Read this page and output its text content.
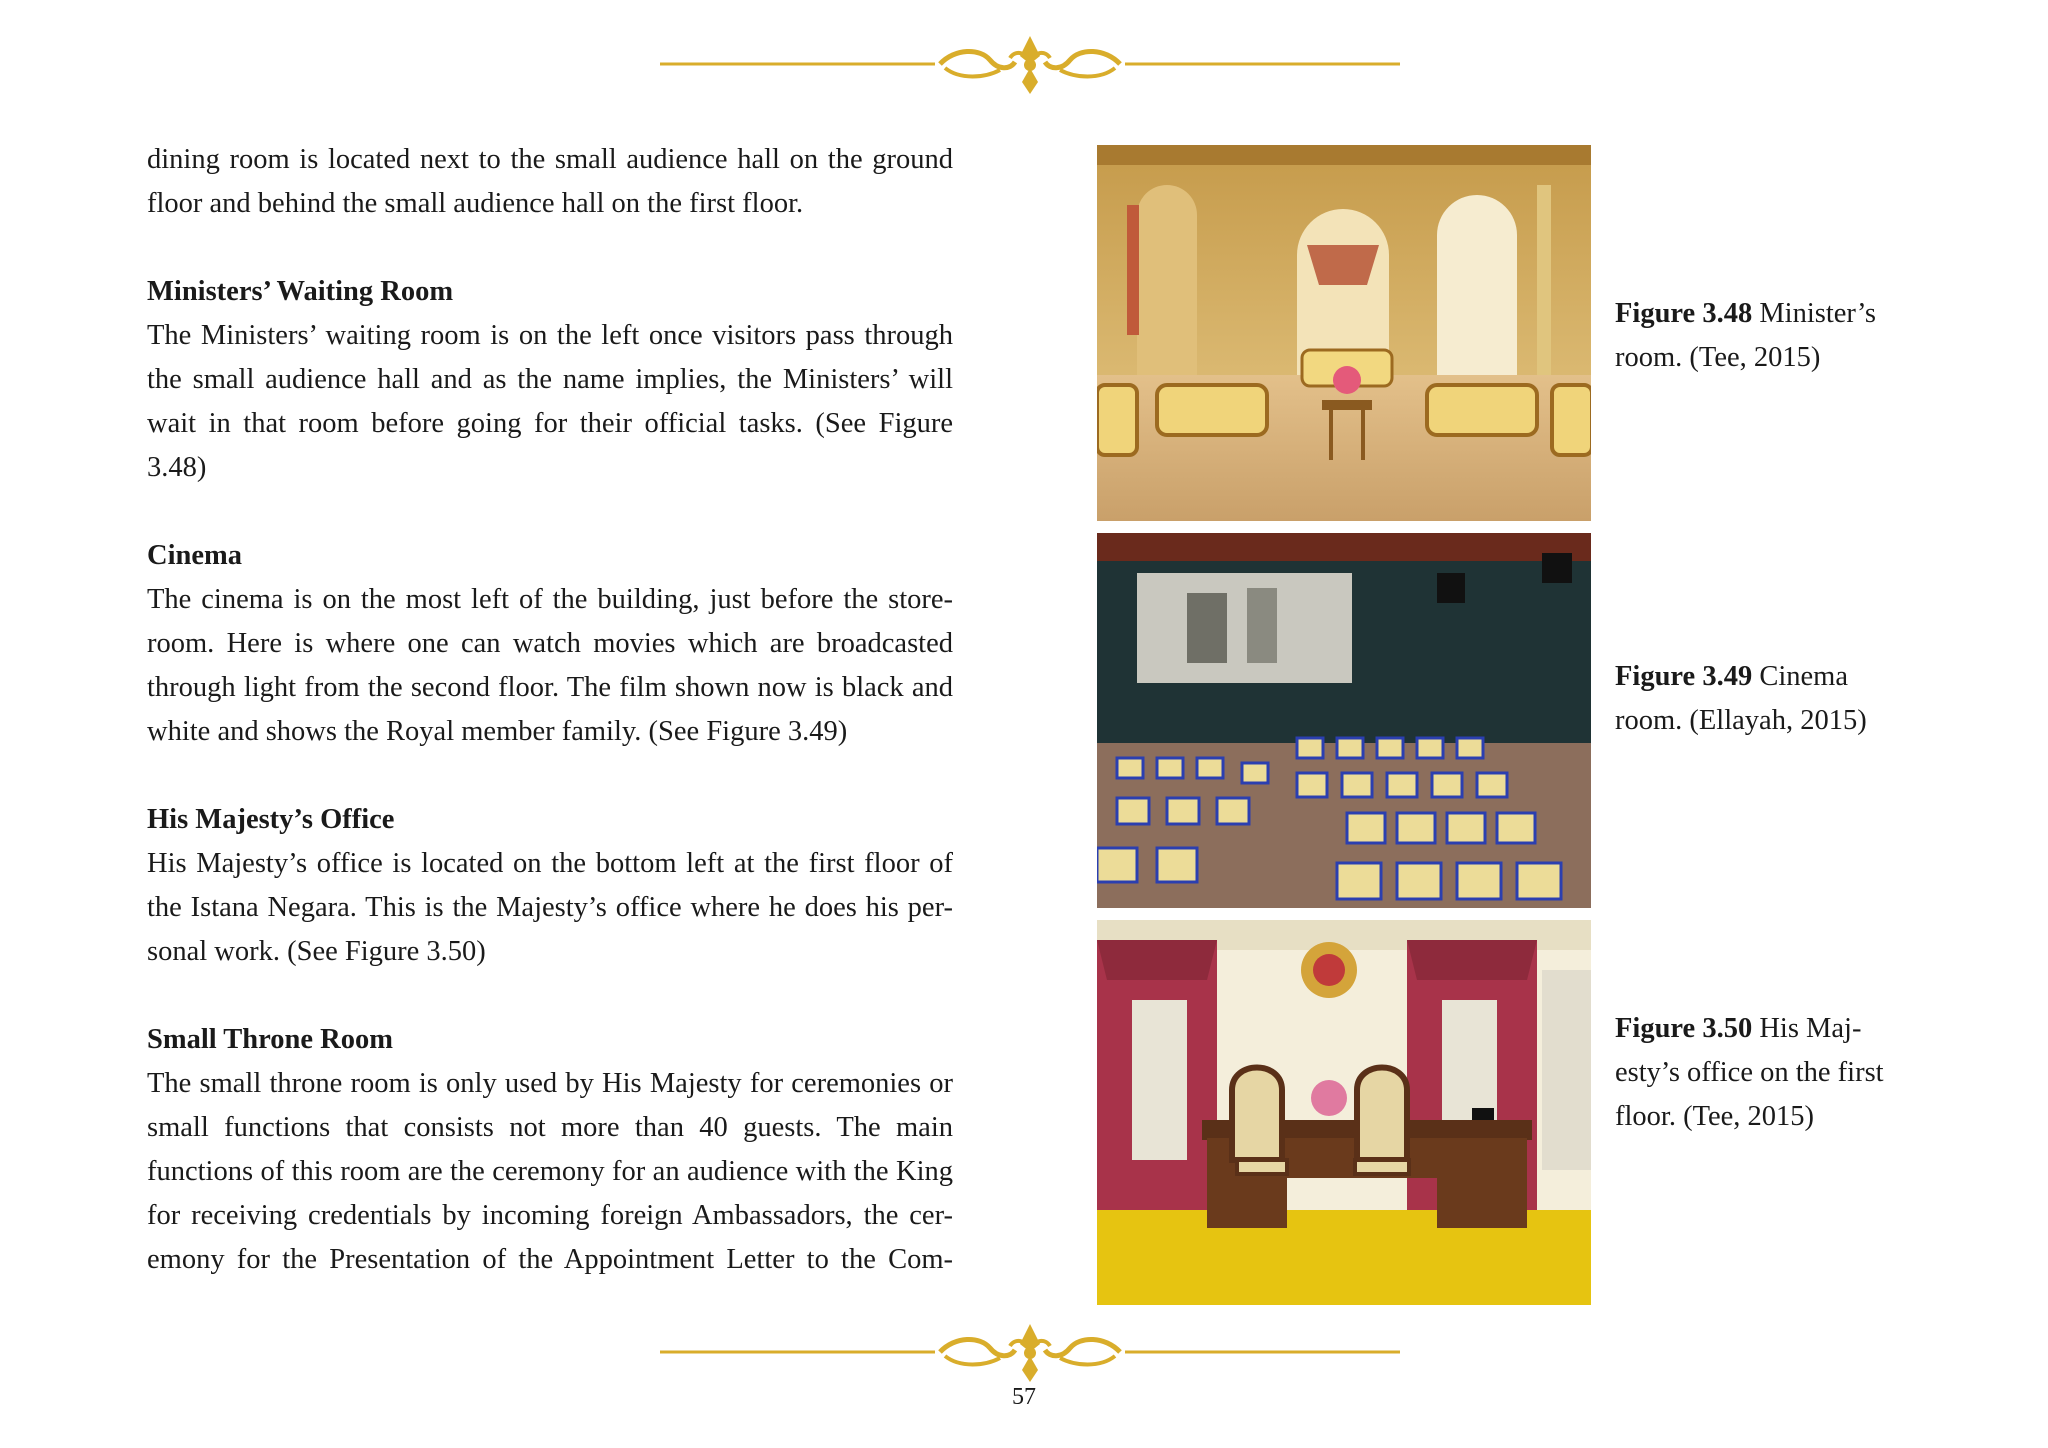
dining room is located next to the small audience hall on the ground

floor and behind the small audience hall on the first floor.

Ministers’ Waiting Room

The Ministers’ waiting room is on the left once visitors pass through the small audience hall and as the name implies, the Ministers’ will wait in that room before going for their official tasks. (See Figure 3.48)

Cinema

The cinema is on the most left of the building, just before the store-room. Here is where one can watch movies which are broadcasted through light from the second floor. The film shown now is black and white and shows the Royal member family. (See Figure 3.49)

His Majesty’s Office

His Majesty’s office is located on the bottom left at the first floor of the Istana Negara. This is the Majesty’s office where he does his per-sonal work. (See Figure 3.50)

Small Throne Room

The small throne room is only used by His Majesty for ceremonies or small functions that consists not more than 40 guests. The main functions of this room are the ceremony for an audience with the King for receiving credentials by incoming foreign Ambassadors, the cer-emony for the Presentation of the Appointment Letter to the Com-

Figure 3.48 Minister’s room. (Tee, 2015)
Figure 3.49 Cinema room. (Ellayah, 2015)
Figure 3.50 His Maj-esty’s office on the first floor. (Tee, 2015)
57
